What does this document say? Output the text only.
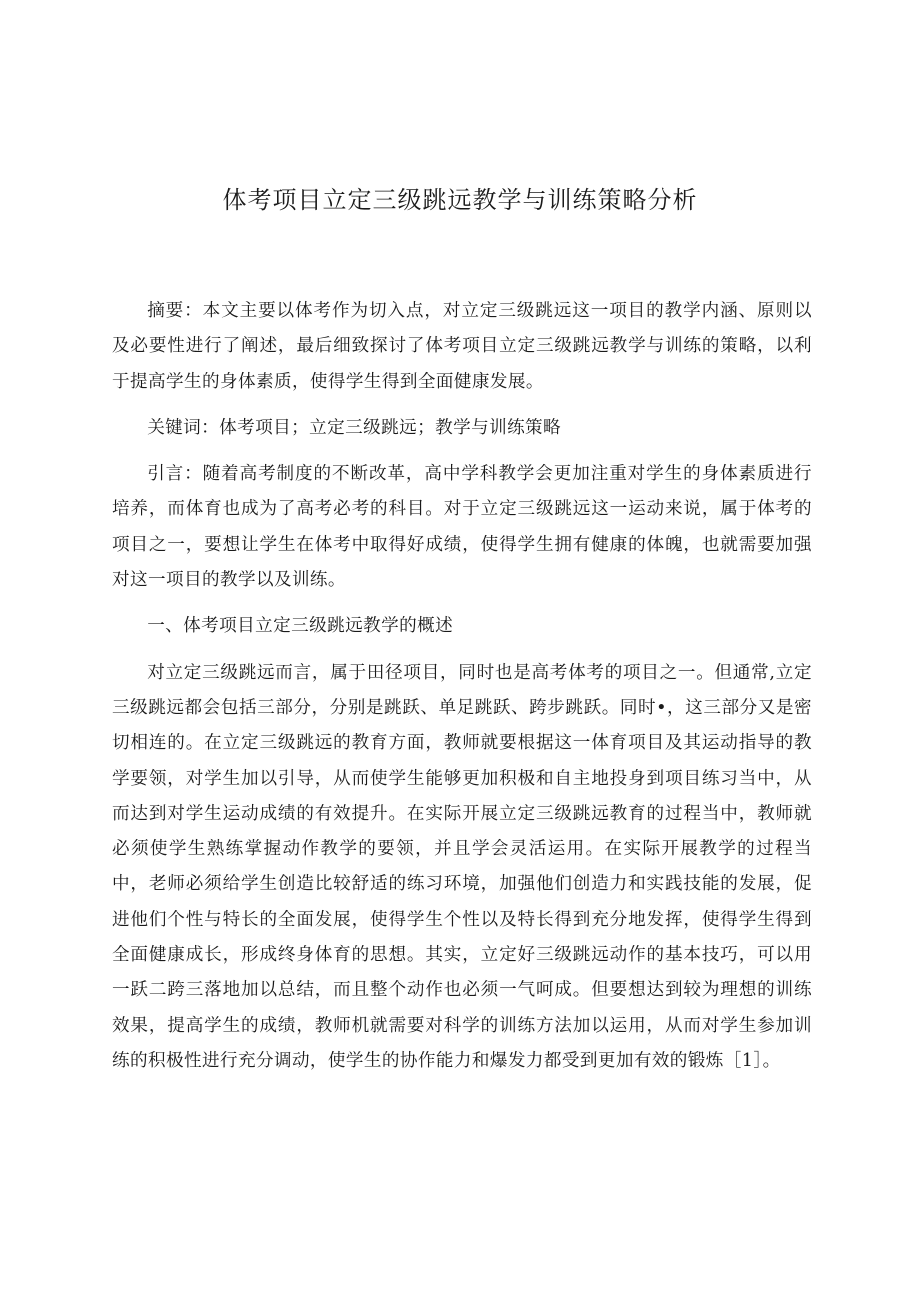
体考项目立定三级跳远教学与训练策略分析

摘要：本文主要以体考作为切入点，对立定三级跳远这一项目的教学内涵、原则以及必要性进行了阐述，最后细致探讨了体考项目立定三级跳远教学与训练的策略，以利于提高学生的身体素质，使得学生得到全面健康发展。

关键词：体考项目；立定三级跳远；教学与训练策略

引言：随着高考制度的不断改革，高中学科教学会更加注重对学生的身体素质进行培养，而体育也成为了高考必考的科目。对于立定三级跳远这一运动来说，属于体考的项目之一，要想让学生在体考中取得好成绩，使得学生拥有健康的体魄，也就需要加强对这一项目的教学以及训练。

一、体考项目立定三级跳远教学的概述

对立定三级跳远而言，属于田径项目，同时也是高考体考的项目之一。但通常,立定三级跳远都会包括三部分，分别是跳跃、单足跳跃、跨步跳跃。同时•，这三部分又是密切相连的。在立定三级跳远的教育方面，教师就要根据这一体育项目及其运动指导的教学要领，对学生加以引导，从而使学生能够更加积极和自主地投身到项目练习当中，从而达到对学生运动成绩的有效提升。在实际开展立定三级跳远教育的过程当中，教师就必须使学生熟练掌握动作教学的要领，并且学会灵活运用。在实际开展教学的过程当中，老师必须给学生创造比较舒适的练习环境，加强他们创造力和实践技能的发展，促进他们个性与特长的全面发展，使得学生个性以及特长得到充分地发挥，使得学生得到全面健康成长，形成终身体育的思想。其实，立定好三级跳远动作的基本技巧，可以用一跃二跨三落地加以总结，而且整个动作也必须一气呵成。但要想达到较为理想的训练效果，提高学生的成绩，教师机就需要对科学的训练方法加以运用，从而对学生参加训练的积极性进行充分调动，使学生的协作能力和爆发力都受到更加有效的锻炼［1］。
